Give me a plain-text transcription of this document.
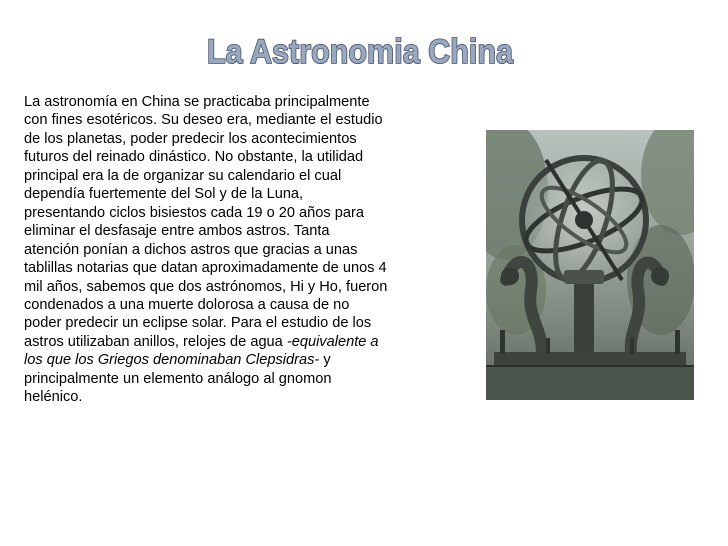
La Astronomia China
La astronomía en China se practicaba principalmente
con fines esotéricos. Su deseo era, mediante el estudio
de los planetas, poder predecir los acontecimientos
futuros del reinado dinástico. No obstante, la utilidad
principal era la de organizar su calendario el cual
dependía fuertemente del Sol y de la Luna,
presentando ciclos bisiestos cada 19 o 20 años para
eliminar el desfasaje entre ambos astros. Tanta
atención ponían a dichos astros que gracias a unas
tablillas notarias que datan aproximadamente de unos 4
mil años, sabemos que dos astrónomos, Hi y Ho, fueron
condenados a una muerte dolorosa a causa de no
poder predecir un eclipse solar. Para el estudio de los
astros utilizaban anillos, relojes de agua -equivalente a
los que los Griegos denominaban Clepsidras- y
principalmente un elemento análogo al gnomon
helénico.
